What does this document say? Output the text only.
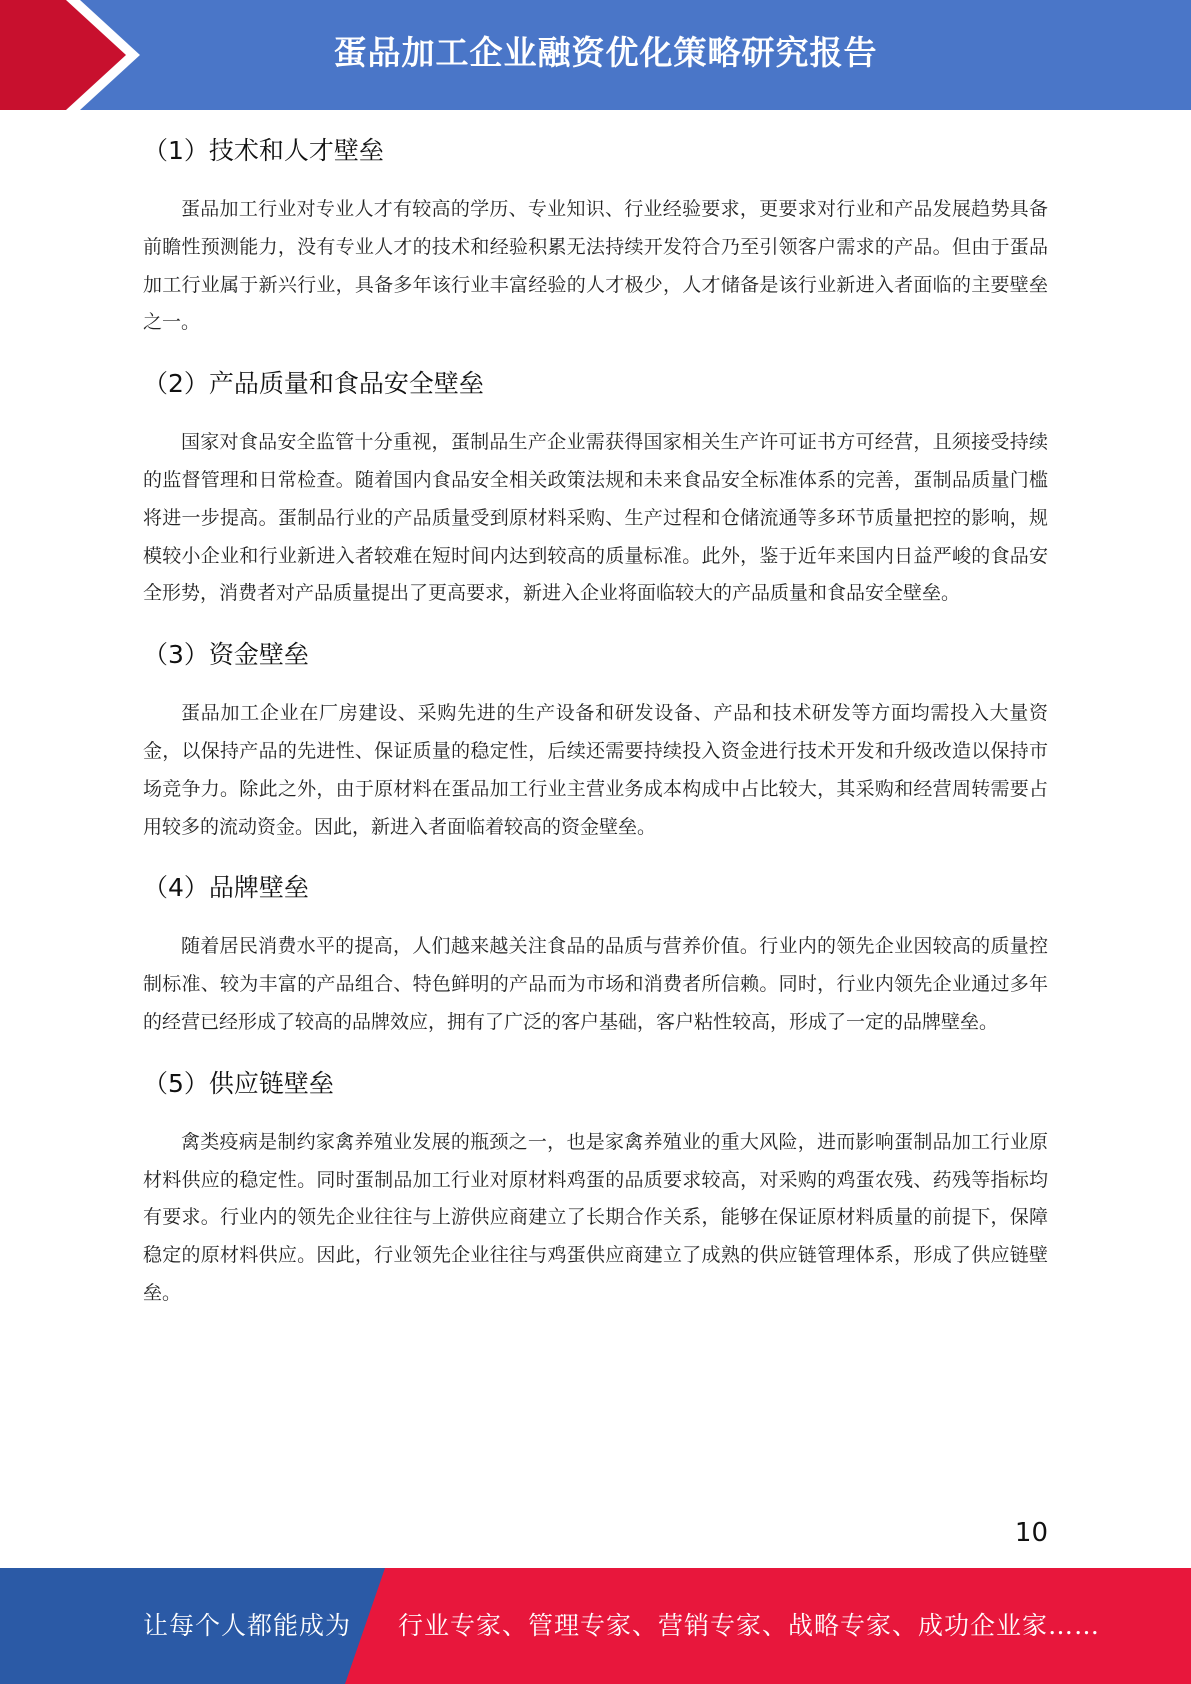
蛋品加工企业融资优化策略研究报告
（1）技术和人才壁垒

蛋品加工行业对专业人才有较高的学历、专业知识、行业经验要求，更要求对行业和产品发展趋势具备前瞻性预测能力，没有专业人才的技术和经验积累无法持续开发符合乃至引领客户需求的产品。但由于蛋品加工行业属于新兴行业，具备多年该行业丰富经验的人才极少，人才储备是该行业新进入者面临的主要壁垒之一。

（2）产品质量和食品安全壁垒

国家对食品安全监管十分重视，蛋制品生产企业需获得国家相关生产许可证书方可经营，且须接受持续的监督管理和日常检查。随着国内食品安全相关政策法规和未来食品安全标准体系的完善，蛋制品质量门槛将进一步提高。蛋制品行业的产品质量受到原材料采购、生产过程和仓储流通等多环节质量把控的影响，规模较小企业和行业新进入者较难在短时间内达到较高的质量标准。此外，鉴于近年来国内日益严峻的食品安全形势，消费者对产品质量提出了更高要求，新进入企业将面临较大的产品质量和食品安全壁垒。

（3）资金壁垒

蛋品加工企业在厂房建设、采购先进的生产设备和研发设备、产品和技术研发等方面均需投入大量资金，以保持产品的先进性、保证质量的稳定性，后续还需要持续投入资金进行技术开发和升级改造以保持市场竞争力。除此之外，由于原材料在蛋品加工行业主营业务成本构成中占比较大，其采购和经营周转需要占用较多的流动资金。因此，新进入者面临着较高的资金壁垒。

（4）品牌壁垒

随着居民消费水平的提高，人们越来越关注食品的品质与营养价值。行业内的领先企业因较高的质量控制标准、较为丰富的产品组合、特色鲜明的产品而为市场和消费者所信赖。同时，行业内领先企业通过多年的经营已经形成了较高的品牌效应，拥有了广泛的客户基础，客户粘性较高，形成了一定的品牌壁垒。

（5）供应链壁垒

禽类疫病是制约家禽养殖业发展的瓶颈之一，也是家禽养殖业的重大风险，进而影响蛋制品加工行业原材料供应的稳定性。同时蛋制品加工行业对原材料鸡蛋的品质要求较高，对采购的鸡蛋农残、药残等指标均有要求。行业内的领先企业往往与上游供应商建立了长期合作关系，能够在保证原材料质量的前提下，保障稳定的原材料供应。因此，行业领先企业往往与鸡蛋供应商建立了成熟的供应链管理体系，形成了供应链壁垒。

10
让每个人都能成为 行业专家、管理专家、营销专家、战略专家、成功企业家……
